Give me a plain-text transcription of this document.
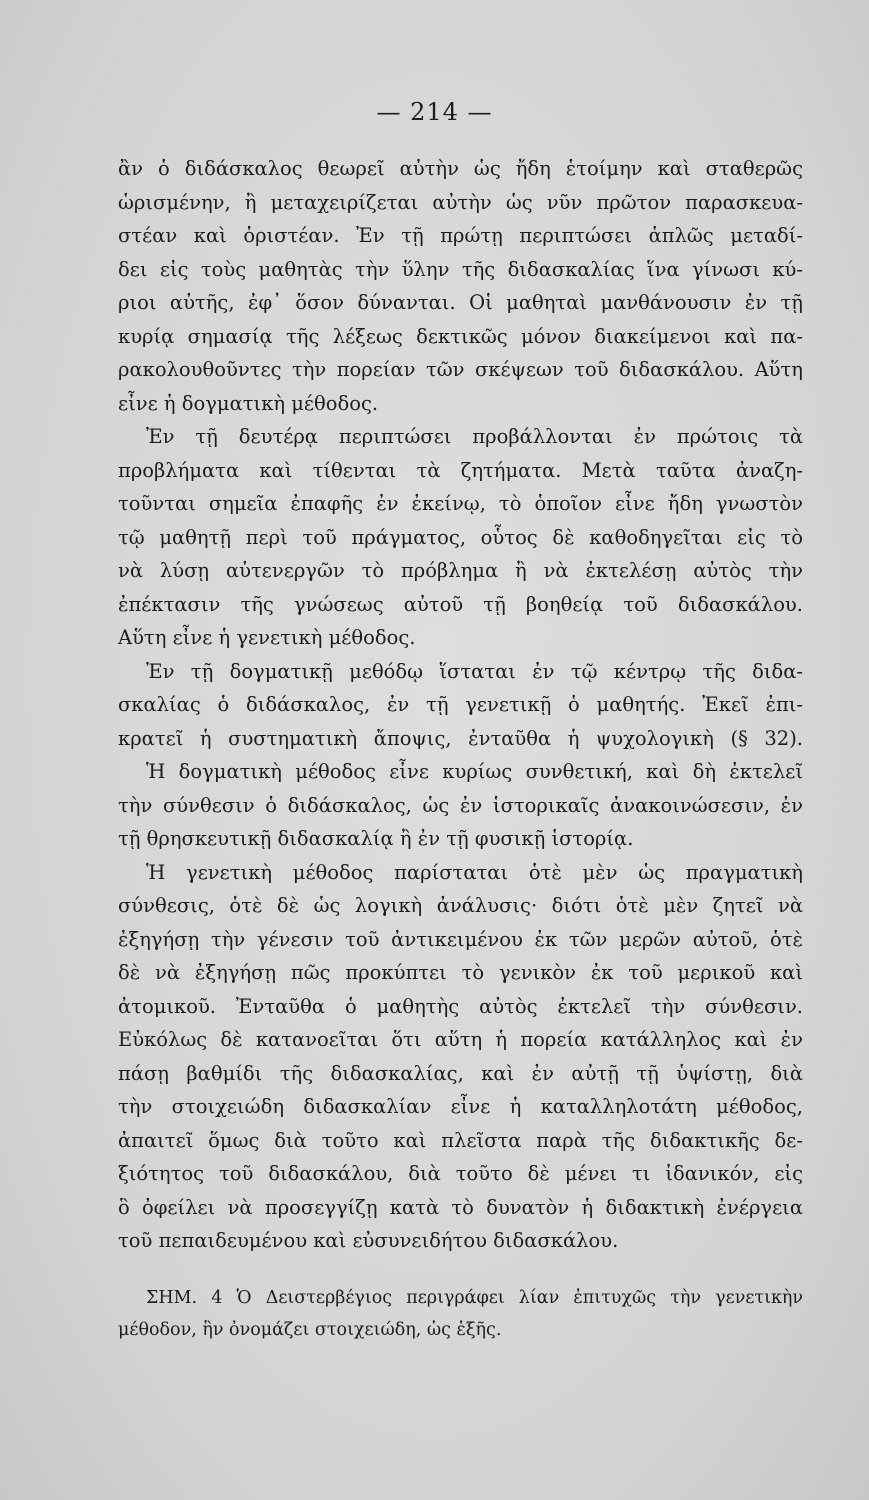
— 214 —
ἂν ὁ διδάσκαλος θεωρεῖ αὐτὴν ὡς ἤδη ἑτοίμην καὶ σταθερῶς
ὡρισμένην, ἢ μεταχειρίζεται αὐτὴν ὡς νῦν πρῶτον παρασκευα-
στέαν καὶ ὁριστέαν. Ἐν τῇ πρώτῃ περιπτώσει ἁπλῶς μεταδί-
δει εἰς τοὺς μαθητὰς τὴν ὕλην τῆς διδασκαλίας ἵνα γίνωσι κύ-
ριοι αὐτῆς, ἐφ᾽ ὅσον δύνανται. Οἱ μαθηταὶ μανθάνουσιν ἐν τῇ
κυρίᾳ σημασίᾳ τῆς λέξεως δεκτικῶς μόνον διακείμενοι καὶ πα-
ρακολουθοῦντες τὴν πορείαν τῶν σκέψεων τοῦ διδασκάλου. Αὕτη
εἶνε ἡ δογματικὴ μέθοδος.
Ἐν τῇ δευτέρᾳ περιπτώσει προβάλλονται ἐν πρώτοις τὰ
προβλήματα καὶ τίθενται τὰ ζητήματα. Μετὰ ταῦτα ἀναζη-
τοῦνται σημεῖα ἐπαφῆς ἐν ἐκείνῳ, τὸ ὁποῖον εἶνε ἤδη γνωστὸν
τῷ μαθητῇ περὶ τοῦ πράγματος, οὗτος δὲ καθοδηγεῖται εἰς τὸ
νὰ λύσῃ αὐτενεργῶν τὸ πρόβλημα ἢ νὰ ἐκτελέσῃ αὐτὸς τὴν
ἐπέκτασιν τῆς γνώσεως αὐτοῦ τῇ βοηθείᾳ τοῦ διδασκάλου.
Αὕτη εἶνε ἡ γενετικὴ μέθοδος.
Ἐν τῇ δογματικῇ μεθόδῳ ἵσταται ἐν τῷ κέντρῳ τῆς διδα-
σκαλίας ὁ διδάσκαλος, ἐν τῇ γενετικῇ ὁ μαθητής. Ἐκεῖ ἐπι-
κρατεῖ ἡ συστηματικὴ ἄποψις, ἐνταῦθα ἡ ψυχολογικὴ (§ 32).
Ἡ δογματικὴ μέθοδος εἶνε κυρίως συνθετική, καὶ δὴ ἐκτελεῖ
τὴν σύνθεσιν ὁ διδάσκαλος, ὡς ἐν ἱστορικαῖς ἀνακοινώσεσιν, ἐν
τῇ θρησκευτικῇ διδασκαλίᾳ ἢ ἐν τῇ φυσικῇ ἱστορίᾳ.
Ἡ γενετικὴ μέθοδος παρίσταται ὁτὲ μὲν ὡς πραγματικὴ
σύνθεσις, ὁτὲ δὲ ὡς λογικὴ ἀνάλυσις· διότι ὁτὲ μὲν ζητεῖ νὰ
ἐξηγήσῃ τὴν γένεσιν τοῦ ἀντικειμένου ἐκ τῶν μερῶν αὐτοῦ, ὁτὲ
δὲ νὰ ἐξηγήσῃ πῶς προκύπτει τὸ γενικὸν ἐκ τοῦ μερικοῦ καὶ
ἀτομικοῦ. Ἐνταῦθα ὁ μαθητὴς αὐτὸς ἐκτελεῖ τὴν σύνθεσιν.
Εὐκόλως δὲ κατανοεῖται ὅτι αὕτη ἡ πορεία κατάλληλος καὶ ἐν
πάσῃ βαθμίδι τῆς διδασκαλίας, καὶ ἐν αὐτῇ τῇ ὑψίστῃ, διὰ
τὴν στοιχειώδη διδασκαλίαν εἶνε ἡ καταλληλοτάτη μέθοδος,
ἀπαιτεῖ ὅμως διὰ τοῦτο καὶ πλεῖστα παρὰ τῆς διδακτικῆς δε-
ξιότητος τοῦ διδασκάλου, διὰ τοῦτο δὲ μένει τι ἰδανικόν, εἰς
ὃ ὀφείλει νὰ προσεγγίζῃ κατὰ τὸ δυνατὸν ἡ διδακτικὴ ἐνέργεια
τοῦ πεπαιδευμένου καὶ εὐσυνειδήτου διδασκάλου.
ΣΗΜ. 4 Ὁ Δειστερβέγιος περιγράφει λίαν ἐπιτυχῶς τὴν γενετικὴν
μέθοδον, ἣν ὀνομάζει στοιχειώδη, ὡς ἑξῆς.
